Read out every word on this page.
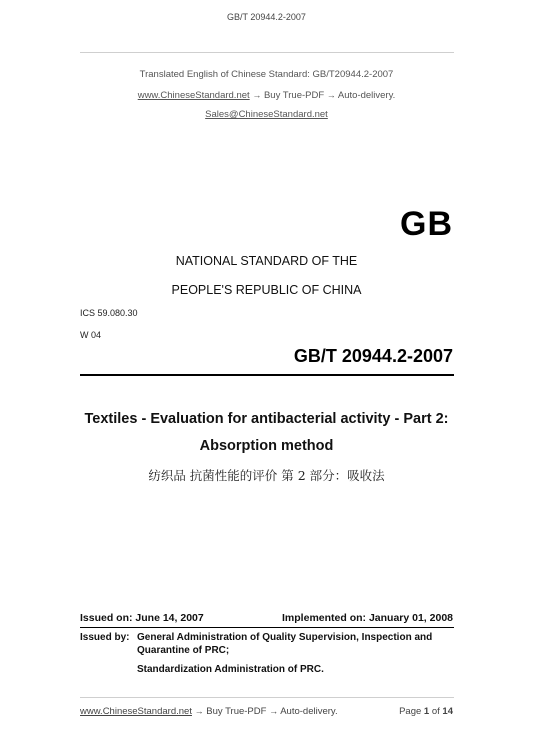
GB/T 20944.2-2007
Translated English of Chinese Standard: GB/T20944.2-2007
www.ChineseStandard.net → Buy True-PDF → Auto-delivery.
Sales@ChineseStandard.net
GB
NATIONAL STANDARD OF THE
PEOPLE'S REPUBLIC OF CHINA
ICS 59.080.30
W 04
GB/T 20944.2-2007
Textiles - Evaluation for antibacterial activity - Part 2:
Absorption method
纺织品 抗菌性能的评价 第 2 部分：吸收法
Issued on: June 14, 2007	Implemented on: January 01, 2008
Issued by: General Administration of Quality Supervision, Inspection and
Quarantine of PRC;
Standardization Administration of PRC.
www.ChineseStandard.net → Buy True-PDF → Auto-delivery.	Page 1 of 14
